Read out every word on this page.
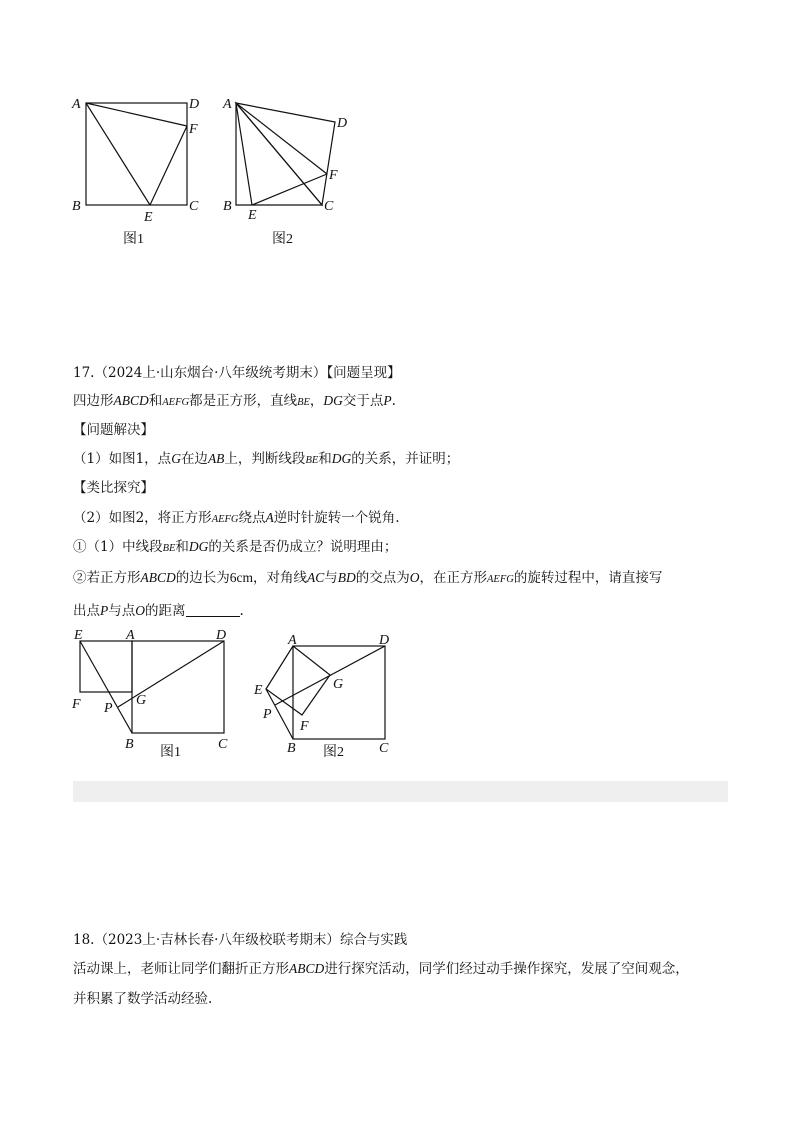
A	D
F
B
E
C
图1
A
D
F
B
E
C
图2
17.（2024上·山东烟台·八年级统考期末）【问题呈现】
四边形ABCD和AEFG都是正方形，直线BE，DG交于点P.
【问题解决】
（1）如图1，点G在边AB上，判断线段BE和DG的关系，并证明；
【类比探究】
（2）如图2，将正方形AEFG绕点A逆时针旋转一个锐角.
①（1）中线段BE和DG的关系是否仍成立？说明理由；
②若正方形ABCD的边长为6cm，对角线AC与BD的交点为O，在正方形AEFG的旋转过程中，请直接写
出点P与点O的距离	.
E	A	D
F	G
P
B	C
图1
A	D
E	G
P
F
B	C
图2
18.（2023上·吉林长春·八年级校联考期末）综合与实践
活动课上，老师让同学们翻折正方形ABCD进行探究活动，同学们经过动手操作探究，发展了空间观念，
并积累了数学活动经验.
